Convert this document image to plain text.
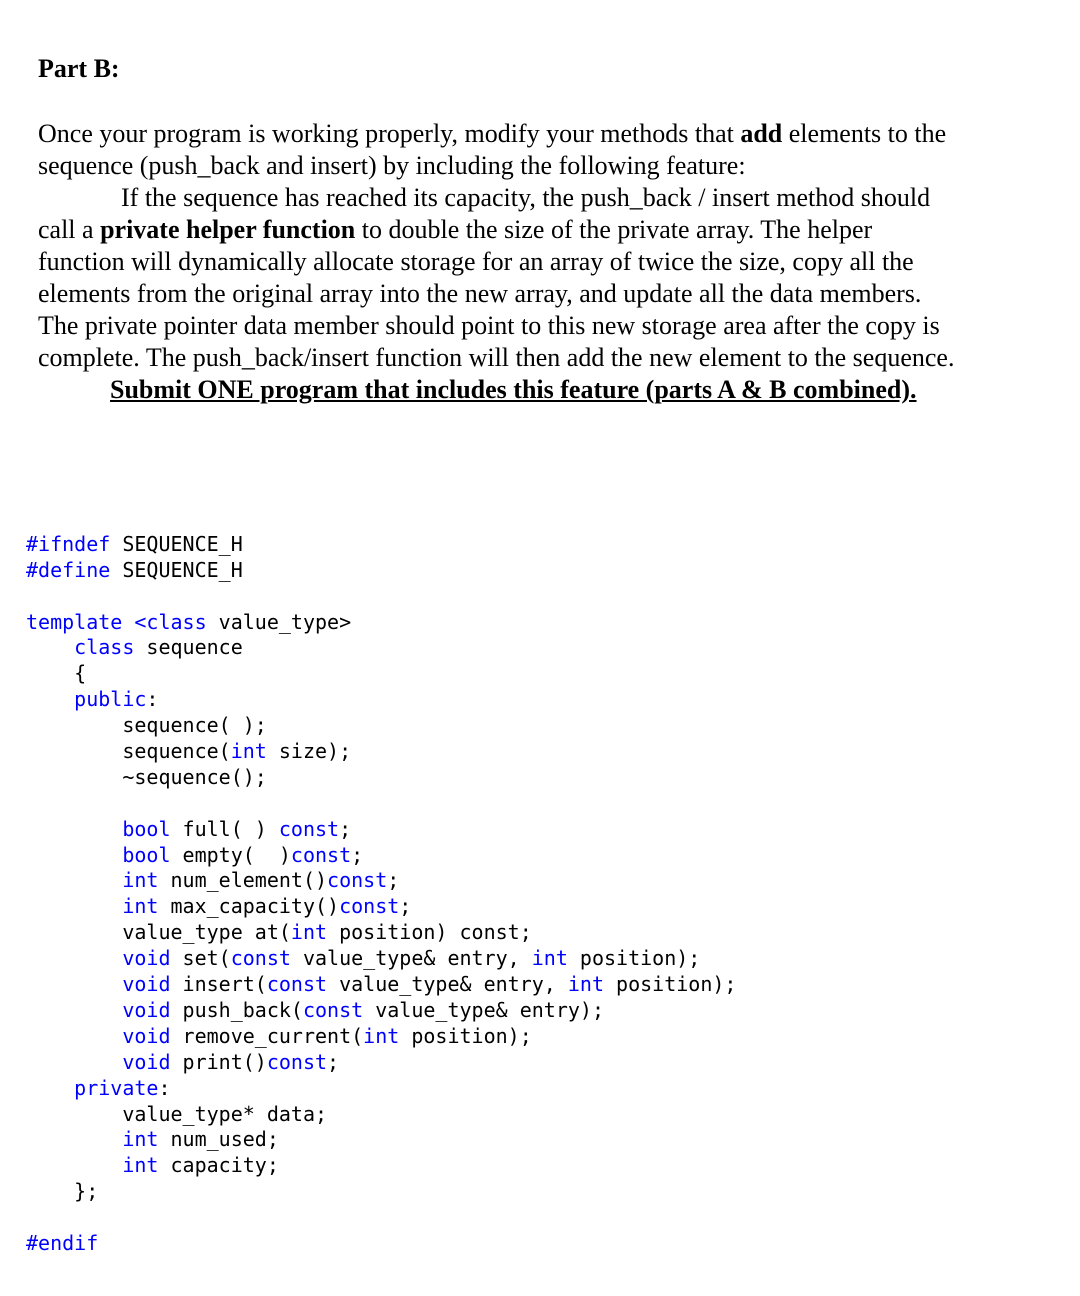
Part B:
Once your program is working properly, modify your methods that add elements to the
sequence (push_back and insert) by including the following feature:
If the sequence has reached its capacity, the push_back / insert method should
call a private helper function to double the size of the private array. The helper
function will dynamically allocate storage for an array of twice the size, copy all the
elements from the original array into the new array, and update all the data members.
The private pointer data member should point to this new storage area after the copy is
complete. The push_back/insert function will then add the new element to the sequence.
Submit ONE program that includes this feature (parts A & B combined).

#ifndef SEQUENCE_H
#define SEQUENCE_H
template <class value_type>
class sequence
{
public:
sequence( );
sequence(int size);
~sequence();
bool full( ) const;
bool empty(  )const;
int num_element()const;
int max_capacity()const;
value_type at(int position) const;
void set(const value_type& entry, int position);
void insert(const value_type& entry, int position);
void push_back(const value_type& entry);
void remove_current(int position);
void print()const;
private:
value_type* data;
int num_used;
int capacity;
};
#endif
